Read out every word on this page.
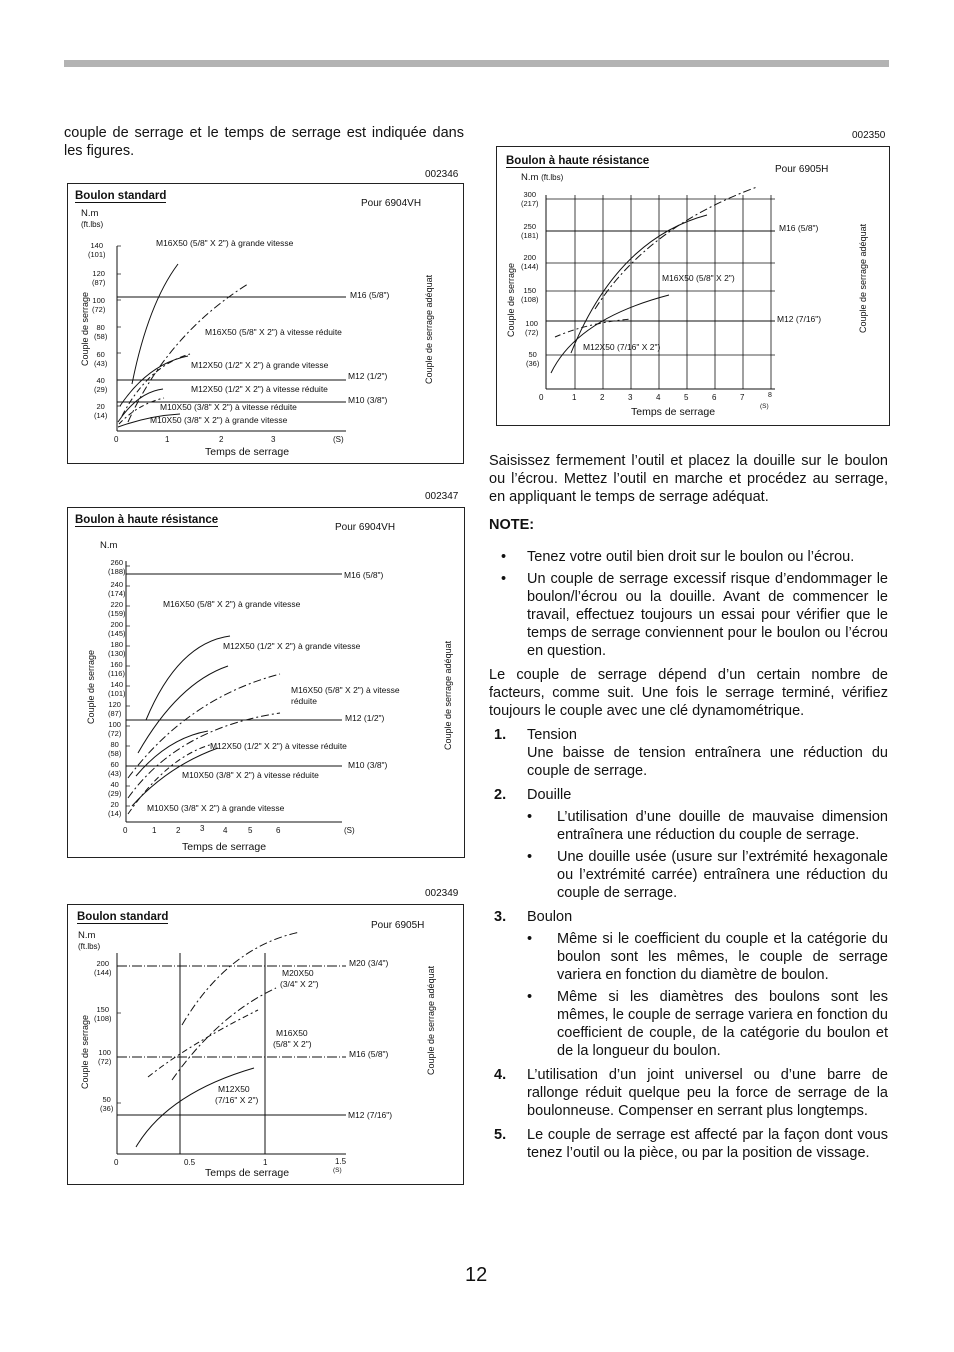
couple de serrage et le temps de serrage est indiquée dans les figures.
002346
Boulon standard
Pour 6904VH
N.m
(ft.lbs)
140
(101)
120
(87)
100
(72)
80
(58)
60
(43)
40
(29)
20
(14)
Couple de serrage	Couple de serrage adéquat
0	1	2	3	(S)
Temps de serrage
M16X50 (5/8" X 2") à grande vitesse
M16 (5/8")
M16X50 (5/8" X 2") à vitesse réduite
M12X50 (1/2" X 2") à grande vitesse
M12 (1/2")
M12X50 (1/2" X 2") à vitesse réduite
M10 (3/8")
M10X50 (3/8" X 2") à vitesse réduite
M10X50 (3/8" X 2") à grande vitesse
002347
Boulon à haute résistance
Pour 6904VH
N.m
260
(188)
240
(174)
220
(159)
200
(145)
180
(130)
160
(116)
140
(101)
120
(87)
100
(72)
80
(58)
60
(43)
40
(29)
20
(14)
Couple de serrage	Couple de serrage adéquat
0	1 2 3 4	5	6	(S)
Temps de serrage
M16 (5/8")
M16X50 (5/8" X 2") à grande vitesse
M12X50 (1/2" X 2") à grande vitesse
M16X50 (5/8" X 2") à vitesse réduite
M12 (1/2")
M12X50 (1/2" X 2") à vitesse réduite
M10 (3/8")
M10X50 (3/8" X 2") à vitesse réduite
M10X50 (3/8" X 2") à grande vitesse
002349
Boulon standard
Pour 6905H
N.m
(ft.lbs)
200
(144)
150
(108)
100
(72)
50
(36)
Couple de serrage	Couple de serrage adéquat
0	0.5	1	1.5
(S)
Temps de serrage
M20 (3/4")
M20X50
(3/4" X 2")
M16X50
(5/8" X 2")
M16 (5/8")
M12X50
(7/16" X 2")
M12 (7/16")
002350
Boulon à haute résistance
Pour 6905H
N.m (ft.lbs)
300
(217)
250
(181)
200
(144)
150
(108)
100
(72)
50
(36)
Couple de serrage	Couple de serrage adéquat
0	1	2	3	4	5	6	7	8
(S)
Temps de serrage
M16 (5/8")
M16X50 (5/8" X 2")
M12 (7/16")
M12X50 (7/16" X 2")

Saisissez fermement l’outil et placez la douille sur le boulon ou l’écrou. Mettez l’outil en marche et procédez au serrage, en appliquant le temps de serrage adéquat.

NOTE:
• Tenez votre outil bien droit sur le boulon ou l’écrou.
• Un couple de serrage excessif risque d’endommager le boulon/l’écrou ou la douille. Avant de commencer le travail, effectuez toujours un essai pour vérifier que le temps de serrage conviennent pour le boulon ou l’écrou en question.

Le couple de serrage dépend d’un certain nombre de facteurs, comme suit. Une fois le serrage terminé, vérifiez toujours le couple avec une clé dynamométrique.

1. Tension
Une baisse de tension entraînera une réduction du couple de serrage.
2. Douille
• L’utilisation d’une douille de mauvaise dimension entraînera une réduction du couple de serrage.
• Une douille usée (usure sur l’extrémité hexagonale ou l’extrémité carrée) entraînera une réduction du couple de serrage.
3. Boulon
• Même si le coefficient du couple et la catégorie du boulon sont les mêmes, le couple de serrage variera en fonction du diamètre de boulon.
• Même si les diamètres des boulons sont les mêmes, le couple de serrage variera en fonction du coefficient de couple, de la catégorie du boulon et de la longueur du boulon.
4. L’utilisation d’un joint universel ou d’une barre de rallonge réduit quelque peu la force de serrage de la boulonneuse. Compenser en serrant plus longtemps.
5. Le couple de serrage est affecté par la façon dont vous tenez l’outil ou la pièce, ou par la position de vissage.
12
